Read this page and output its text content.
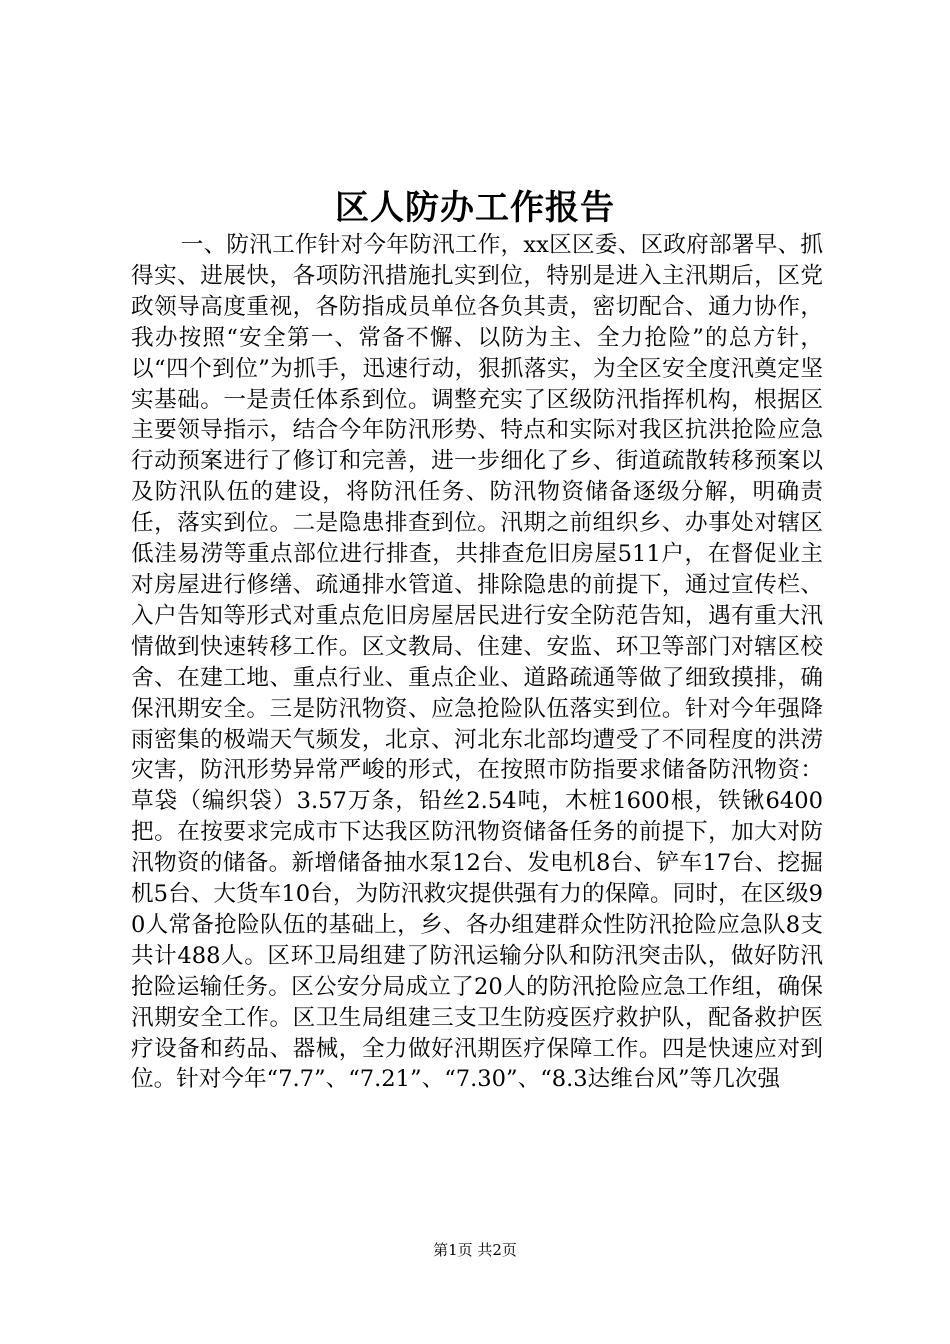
区人防办工作报告

一、防汛工作针对今年防汛工作，xx区区委、区政府部署早、抓得实、进展快，各项防汛措施扎实到位，特别是进入主汛期后，区党政领导高度重视，各防指成员单位各负其责，密切配合、通力协作，我办按照“安全第一、常备不懈、以防为主、全力抢险”的总方针，以“四个到位”为抓手，迅速行动，狠抓落实，为全区安全度汛奠定坚实基础。一是责任体系到位。调整充实了区级防汛指挥机构，根据区主要领导指示，结合今年防汛形势、特点和实际对我区抗洪抢险应急行动预案进行了修订和完善，进一步细化了乡、街道疏散转移预案以及防汛队伍的建设，将防汛任务、防汛物资储备逐级分解，明确责任，落实到位。二是隐患排查到位。汛期之前组织乡、办事处对辖区低洼易涝等重点部位进行排查，共排查危旧房屋511户，在督促业主对房屋进行修缮、疏通排水管道、排除隐患的前提下，通过宣传栏、入户告知等形式对重点危旧房屋居民进行安全防范告知，遇有重大汛情做到快速转移工作。区文教局、住建、安监、环卫等部门对辖区校舍、在建工地、重点行业、重点企业、道路疏通等做了细致摸排，确保汛期安全。三是防汛物资、应急抢险队伍落实到位。针对今年强降雨密集的极端天气频发，北京、河北东北部均遭受了不同程度的洪涝灾害，防汛形势异常严峻的形式，在按照市防指要求储备防汛物资：草袋（编织袋）3.57万条，铅丝2.54吨，木桩1600根，铁锹6400把。在按要求完成市下达我区防汛物资储备任务的前提下，加大对防汛物资的储备。新增储备抽水泵12台、发电机8台、铲车17台、挖掘机5台、大货车10台，为防汛救灾提供强有力的保障。同时，在区级90人常备抢险队伍的基础上，乡、各办组建群众性防汛抢险应急队8支共计488人。区环卫局组建了防汛运输分队和防汛突击队，做好防汛抢险运输任务。区公安分局成立了20人的防汛抢险应急工作组，确保汛期安全工作。区卫生局组建三支卫生防疫医疗救护队，配备救护医疗设备和药品、器械，全力做好汛期医疗保障工作。四是快速应对到位。针对今年“7.7”、“7.21”、“7.30”、“8.3达维台风”等几次强

第1页 共2页
